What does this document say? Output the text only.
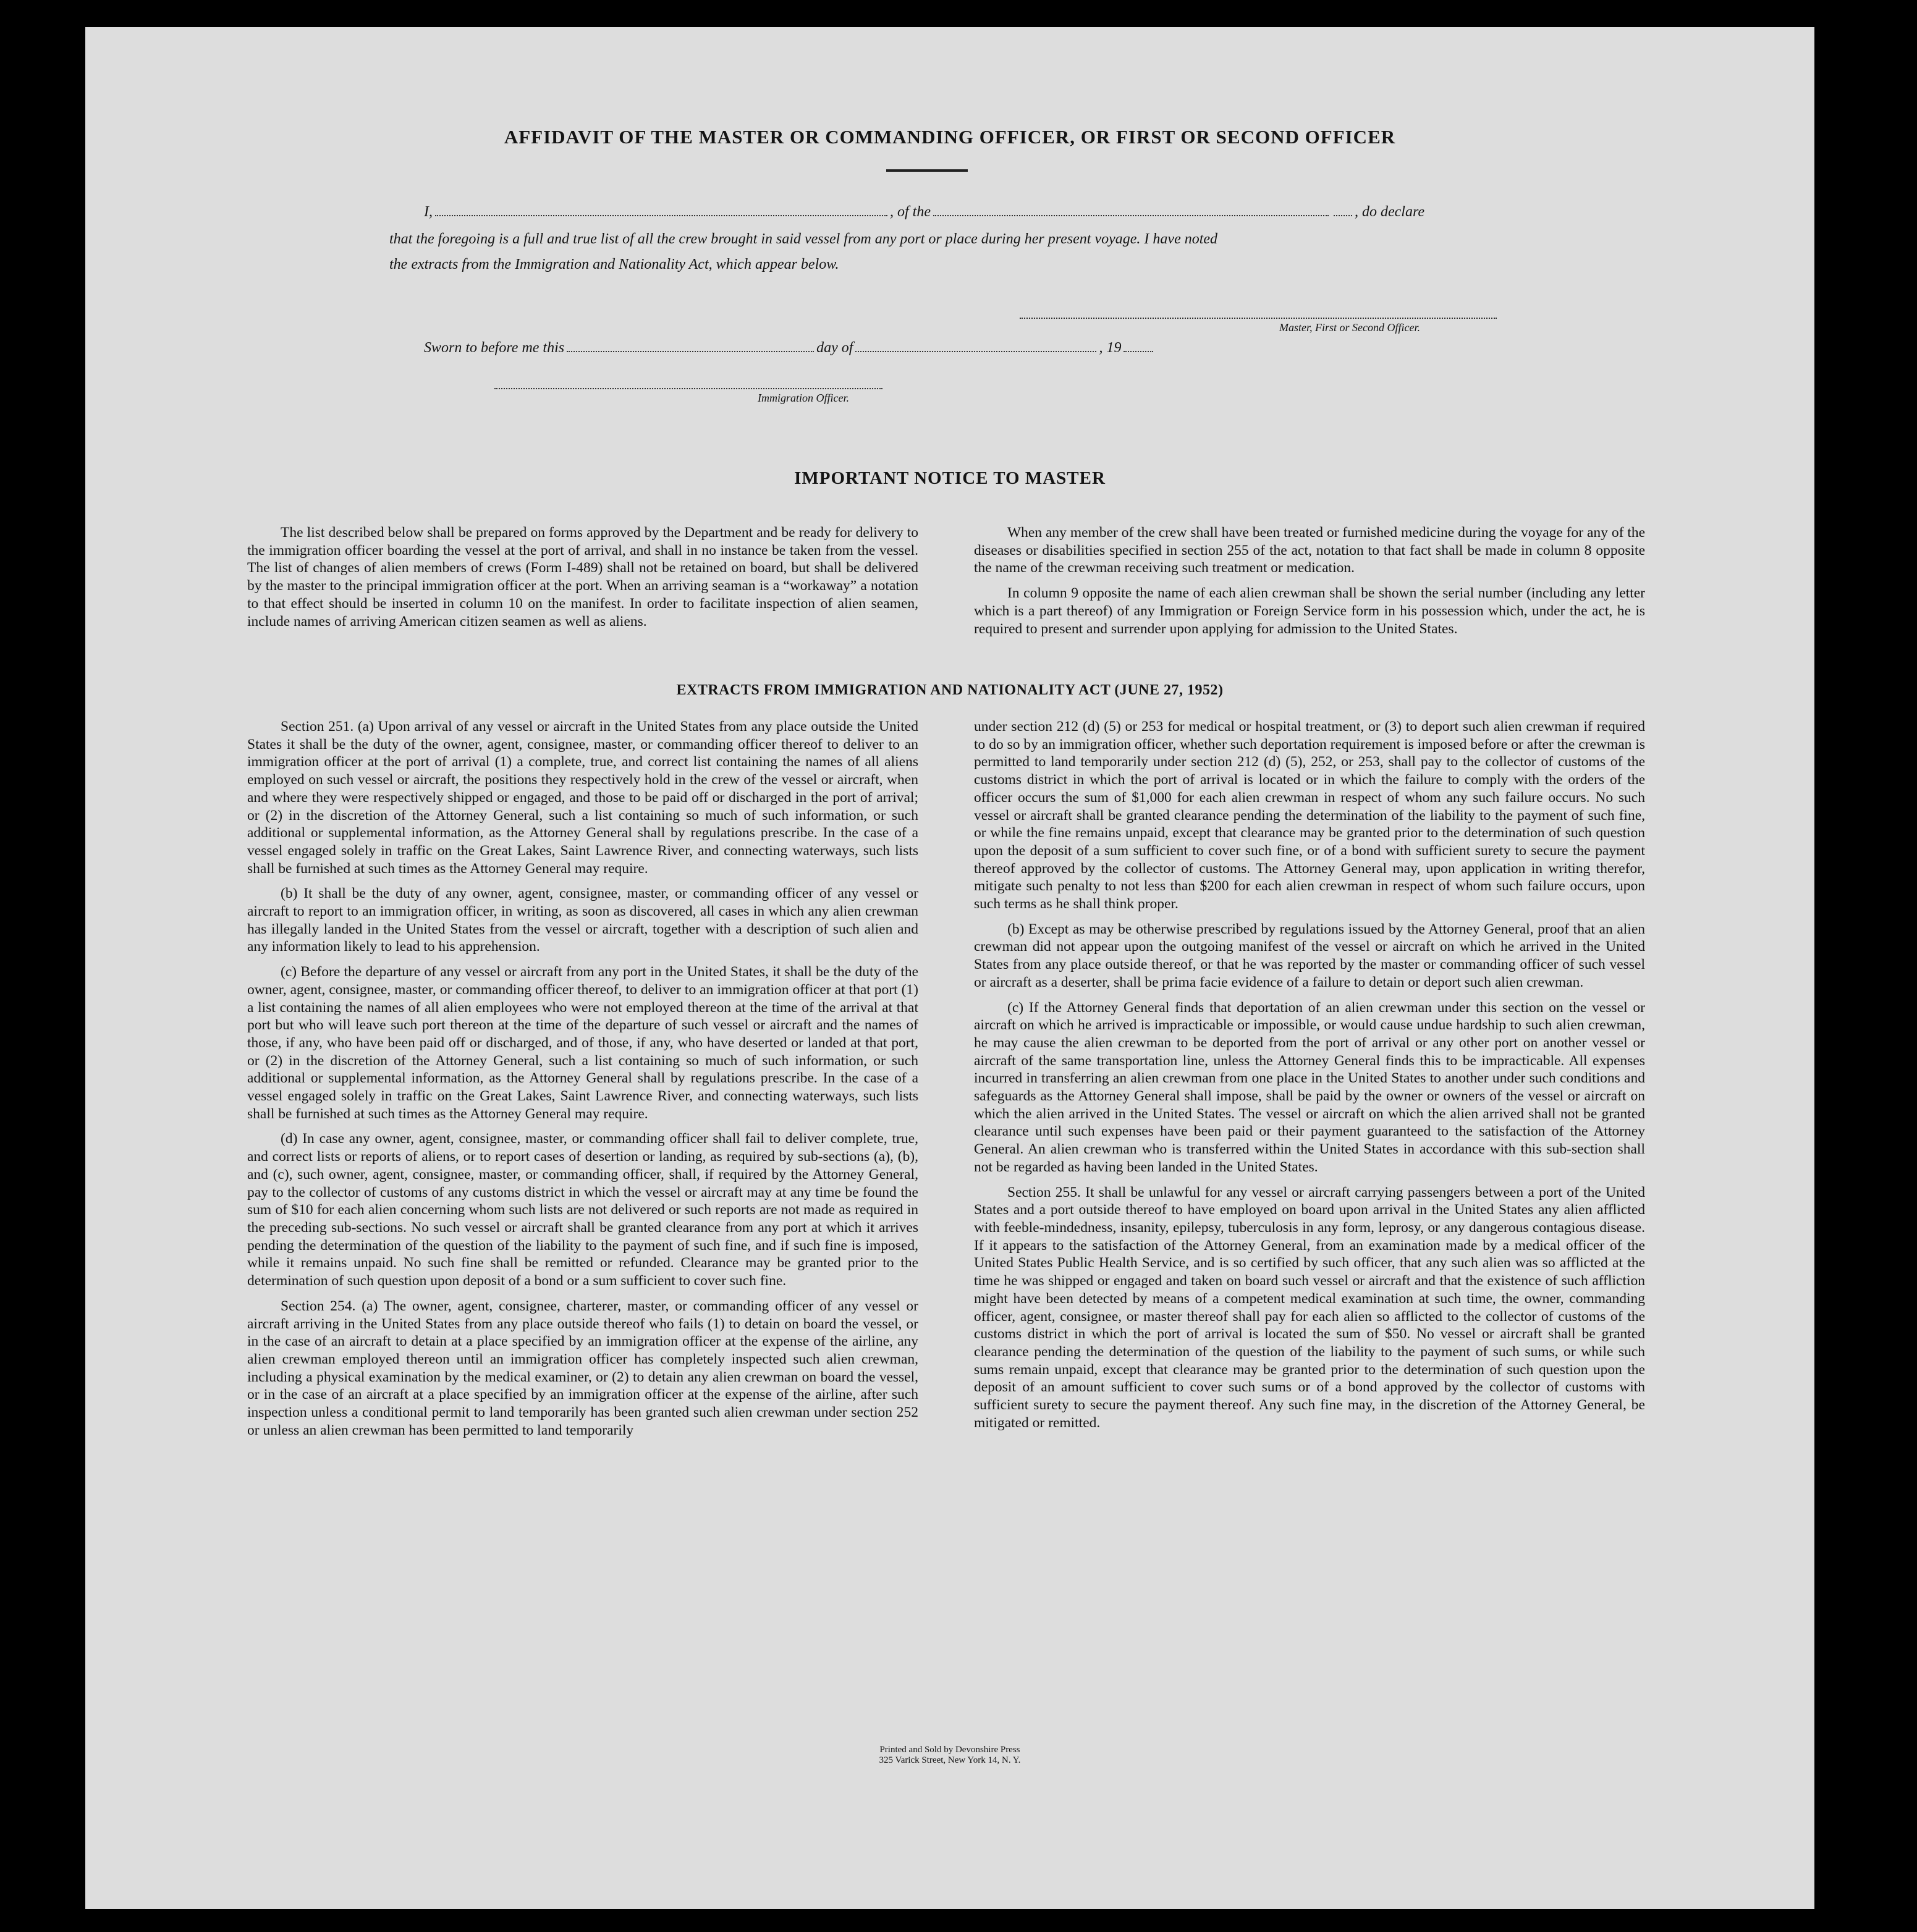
AFFIDAVIT OF THE MASTER OR COMMANDING OFFICER, OR FIRST OR SECOND OFFICER
I,	, of the	, do declare
that the foregoing is a full and true list of all the crew brought in said vessel from any port or place during her present voyage. I have noted
the extracts from the Immigration and Nationality Act, which appear below.
Master, First or Second Officer.
Sworn to before me this	day of	, 19
Immigration Officer.
IMPORTANT NOTICE TO MASTER

The list described below shall be prepared on forms approved by the Department and be ready for delivery to the immigration officer boarding the vessel at the port of arrival, and shall in no instance be taken from the vessel. The list of changes of alien members of crews (Form I-489) shall not be retained on board, but shall be delivered by the master to the principal immigration officer at the port. When an arriving seaman is a “workaway” a notation to that effect should be inserted in column 10 on the manifest. In order to facilitate inspection of alien seamen, include names of arriving American citizen seamen as well as aliens.

When any member of the crew shall have been treated or furnished medicine during the voyage for any of the diseases or disabilities specified in section 255 of the act, notation to that fact shall be made in column 8 opposite the name of the crewman receiving such treatment or medication.

In column 9 opposite the name of each alien crewman shall be shown the serial number (including any letter which is a part thereof) of any Immigration or Foreign Service form in his possession which, under the act, he is required to present and surrender upon applying for admission to the United States.

EXTRACTS FROM IMMIGRATION AND NATIONALITY ACT (JUNE 27, 1952)

Section 251. (a) Upon arrival of any vessel or aircraft in the United States from any place outside the United States it shall be the duty of the owner, agent, consignee, master, or commanding officer thereof to deliver to an immigration officer at the port of arrival (1) a complete, true, and correct list containing the names of all aliens employed on such vessel or aircraft, the positions they respectively hold in the crew of the vessel or aircraft, when and where they were respectively shipped or engaged, and those to be paid off or discharged in the port of arrival; or (2) in the discretion of the Attorney General, such a list containing so much of such information, or such additional or supplemental information, as the Attorney General shall by regulations prescribe. In the case of a vessel engaged solely in traffic on the Great Lakes, Saint Lawrence River, and connecting waterways, such lists shall be furnished at such times as the Attorney General may require.

(b) It shall be the duty of any owner, agent, consignee, master, or commanding officer of any vessel or aircraft to report to an immigration officer, in writing, as soon as discovered, all cases in which any alien crewman has illegally landed in the United States from the vessel or aircraft, together with a description of such alien and any information likely to lead to his apprehension.

(c) Before the departure of any vessel or aircraft from any port in the United States, it shall be the duty of the owner, agent, consignee, master, or commanding officer thereof, to deliver to an immigration officer at that port (1) a list containing the names of all alien employees who were not employed thereon at the time of the arrival at that port but who will leave such port thereon at the time of the departure of such vessel or aircraft and the names of those, if any, who have been paid off or discharged, and of those, if any, who have deserted or landed at that port, or (2) in the discretion of the Attorney General, such a list containing so much of such information, or such additional or supplemental information, as the Attorney General shall by regulations prescribe. In the case of a vessel engaged solely in traffic on the Great Lakes, Saint Lawrence River, and connecting waterways, such lists shall be furnished at such times as the Attorney General may require.

(d) In case any owner, agent, consignee, master, or commanding officer shall fail to deliver complete, true, and correct lists or reports of aliens, or to report cases of desertion or landing, as required by sub-sections (a), (b), and (c), such owner, agent, consignee, master, or commanding officer, shall, if required by the Attorney General, pay to the collector of customs of any customs district in which the vessel or aircraft may at any time be found the sum of $10 for each alien concerning whom such lists are not delivered or such reports are not made as required in the preceding sub-sections. No such vessel or aircraft shall be granted clearance from any port at which it arrives pending the determination of the question of the liability to the payment of such fine, and if such fine is imposed, while it remains unpaid. No such fine shall be remitted or refunded. Clearance may be granted prior to the determination of such question upon deposit of a bond or a sum sufficient to cover such fine.

Section 254. (a) The owner, agent, consignee, charterer, master, or commanding officer of any vessel or aircraft arriving in the United States from any place outside thereof who fails (1) to detain on board the vessel, or in the case of an aircraft to detain at a place specified by an immigration officer at the expense of the airline, any alien crewman employed thereon until an immigration officer has completely inspected such alien crewman, including a physical examination by the medical examiner, or (2) to detain any alien crewman on board the vessel, or in the case of an aircraft at a place specified by an immigration officer at the expense of the airline, after such inspection unless a conditional permit to land temporarily has been granted such alien crewman under section 252 or unless an alien crewman has been permitted to land temporarily

under section 212 (d) (5) or 253 for medical or hospital treatment, or (3) to deport such alien crewman if required to do so by an immigration officer, whether such deportation requirement is imposed before or after the crewman is permitted to land temporarily under section 212 (d) (5), 252, or 253, shall pay to the collector of customs of the customs district in which the port of arrival is located or in which the failure to comply with the orders of the officer occurs the sum of $1,000 for each alien crewman in respect of whom any such failure occurs. No such vessel or aircraft shall be granted clearance pending the determination of the liability to the payment of such fine, or while the fine remains unpaid, except that clearance may be granted prior to the determination of such question upon the deposit of a sum sufficient to cover such fine, or of a bond with sufficient surety to secure the payment thereof approved by the collector of customs. The Attorney General may, upon application in writing therefor, mitigate such penalty to not less than $200 for each alien crewman in respect of whom such failure occurs, upon such terms as he shall think proper.

(b) Except as may be otherwise prescribed by regulations issued by the Attorney General, proof that an alien crewman did not appear upon the outgoing manifest of the vessel or aircraft on which he arrived in the United States from any place outside thereof, or that he was reported by the master or commanding officer of such vessel or aircraft as a deserter, shall be prima facie evidence of a failure to detain or deport such alien crewman.

(c) If the Attorney General finds that deportation of an alien crewman under this section on the vessel or aircraft on which he arrived is impracticable or impossible, or would cause undue hardship to such alien crewman, he may cause the alien crewman to be deported from the port of arrival or any other port on another vessel or aircraft of the same transportation line, unless the Attorney General finds this to be impracticable. All expenses incurred in transferring an alien crewman from one place in the United States to another under such conditions and safeguards as the Attorney General shall impose, shall be paid by the owner or owners of the vessel or aircraft on which the alien arrived in the United States. The vessel or aircraft on which the alien arrived shall not be granted clearance until such expenses have been paid or their payment guaranteed to the satisfaction of the Attorney General. An alien crewman who is transferred within the United States in accordance with this sub-section shall not be regarded as having been landed in the United States.

Section 255. It shall be unlawful for any vessel or aircraft carrying passengers between a port of the United States and a port outside thereof to have employed on board upon arrival in the United States any alien afflicted with feeble-mindedness, insanity, epilepsy, tuberculosis in any form, leprosy, or any dangerous contagious disease. If it appears to the satisfaction of the Attorney General, from an examination made by a medical officer of the United States Public Health Service, and is so certified by such officer, that any such alien was so afflicted at the time he was shipped or engaged and taken on board such vessel or aircraft and that the existence of such affliction might have been detected by means of a competent medical examination at such time, the owner, commanding officer, agent, consignee, or master thereof shall pay for each alien so afflicted to the collector of customs of the customs district in which the port of arrival is located the sum of $50. No vessel or aircraft shall be granted clearance pending the determination of the question of the liability to the payment of such sums, or while such sums remain unpaid, except that clearance may be granted prior to the determination of such question upon the deposit of an amount sufficient to cover such sums or of a bond approved by the collector of customs with sufficient surety to secure the payment thereof. Any such fine may, in the discretion of the Attorney General, be mitigated or remitted.

Printed and Sold by Devonshire Press
325 Varick Street, New York 14, N. Y.
